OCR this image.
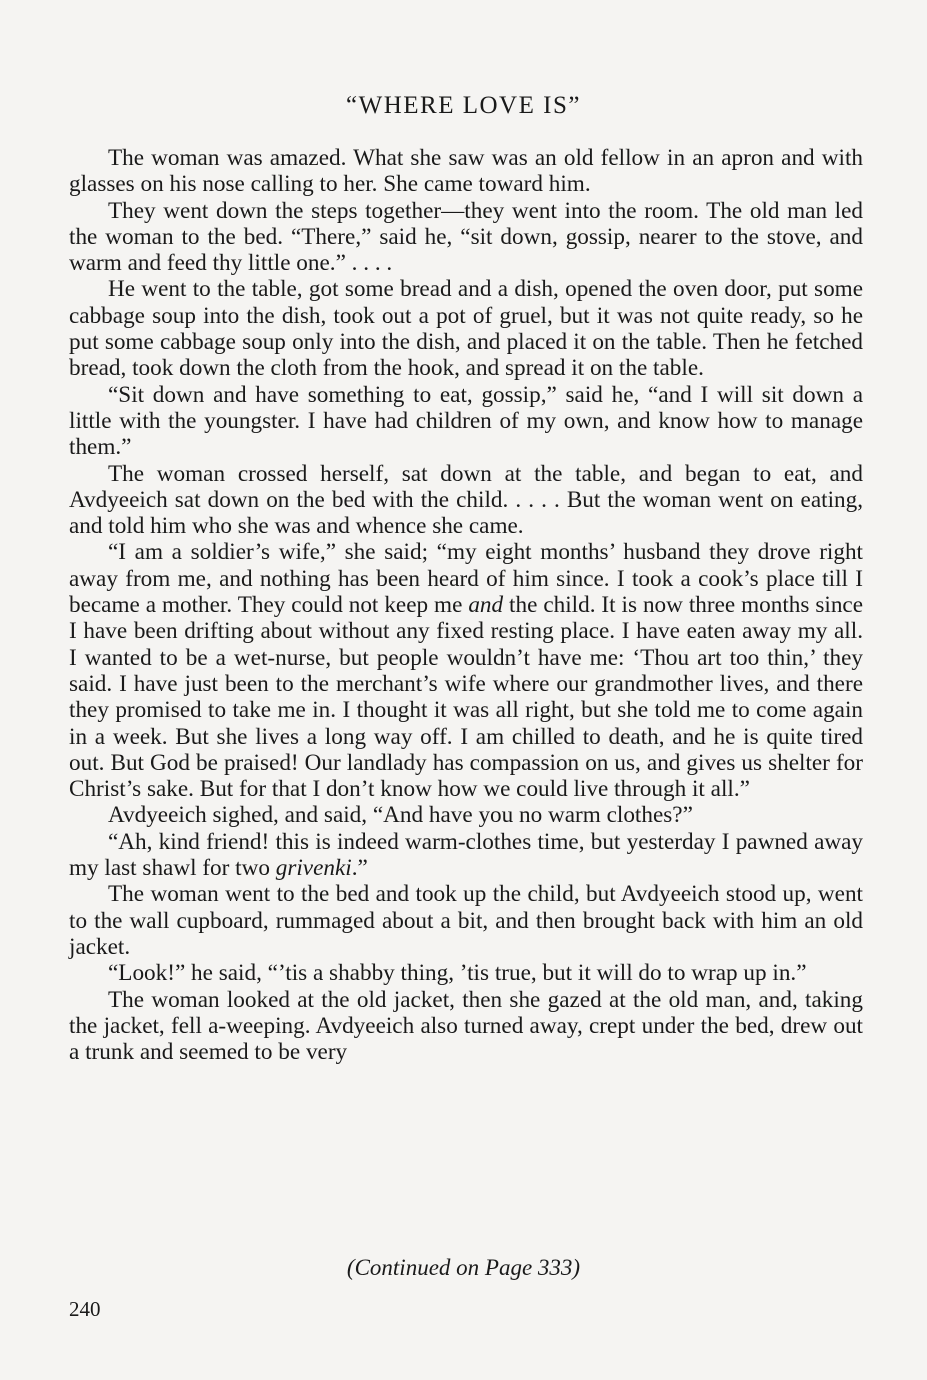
“WHERE LOVE IS”

The woman was amazed. What she saw was an old fellow in an apron and with glasses on his nose calling to her. She came toward him.

They went down the steps together—they went into the room. The old man led the woman to the bed. “There,” said he, “sit down, gossip, nearer to the stove, and warm and feed thy little one.” . . . .

He went to the table, got some bread and a dish, opened the oven door, put some cabbage soup into the dish, took out a pot of gruel, but it was not quite ready, so he put some cabbage soup only into the dish, and placed it on the table. Then he fetched bread, took down the cloth from the hook, and spread it on the table.

“Sit down and have something to eat, gossip,” said he, “and I will sit down a little with the youngster. I have had children of my own, and know how to manage them.”

The woman crossed herself, sat down at the table, and began to eat, and Avdyeeich sat down on the bed with the child. . . . . But the woman went on eating, and told him who she was and whence she came.

“I am a soldier’s wife,” she said; “my eight months’ husband they drove right away from me, and nothing has been heard of him since. I took a cook’s place till I became a mother. They could not keep me and the child. It is now three months since I have been drifting about without any fixed resting place. I have eaten away my all. I wanted to be a wet-nurse, but people wouldn’t have me: ‘Thou art too thin,’ they said. I have just been to the merchant’s wife where our grandmother lives, and there they promised to take me in. I thought it was all right, but she told me to come again in a week. But she lives a long way off. I am chilled to death, and he is quite tired out. But God be praised! Our landlady has compassion on us, and gives us shelter for Christ’s sake. But for that I don’t know how we could live through it all.”

Avdyeeich sighed, and said, “And have you no warm clothes?”

“Ah, kind friend! this is indeed warm-clothes time, but yesterday I pawned away my last shawl for two grivenki.”

The woman went to the bed and took up the child, but Avdyeeich stood up, went to the wall cupboard, rummaged about a bit, and then brought back with him an old jacket.

“Look!” he said, “’tis a shabby thing, ’tis true, but it will do to wrap up in.”

The woman looked at the old jacket, then she gazed at the old man, and, taking the jacket, fell a-weeping. Avdyeeich also turned away, crept under the bed, drew out a trunk and seemed to be very

(Continued on Page 333)
240
